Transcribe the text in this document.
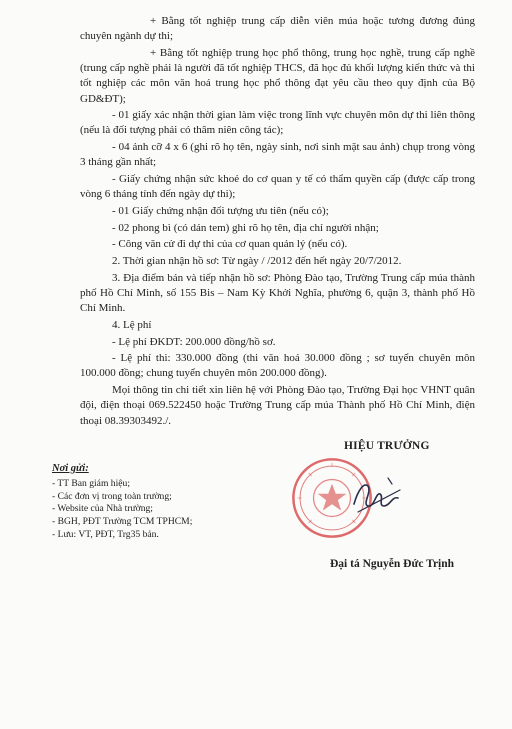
+ Bằng tốt nghiệp trung cấp diễn viên múa hoặc tương đương đúng chuyên ngành dự thi;

+ Bằng tốt nghiệp trung học phổ thông, trung học nghề, trung cấp nghề (trung cấp nghề phải là người đã tốt nghiệp THCS, đã học đủ khối lượng kiến thức và thi tốt nghiệp các môn văn hoá trung học phổ thông đạt yêu cầu theo quy định của Bộ GD&ĐT);

- 01 giấy xác nhận thời gian làm việc trong lĩnh vực chuyên môn dự thi liên thông (nếu là đối tượng phải có thâm niên công tác);

- 04 ảnh cỡ 4 x 6 (ghi rõ họ tên, ngày sinh, nơi sinh mặt sau ảnh) chụp trong vòng 3 tháng gần nhất;

- Giấy chứng nhận sức khoẻ do cơ quan y tế có thẩm quyền cấp (được cấp trong vòng 6 tháng tính đến ngày dự thi);

- 01 Giấy chứng nhận đối tượng ưu tiên (nếu có);

- 02 phong bì (có dán tem) ghi rõ họ tên, địa chỉ người nhận;

- Công văn cử đi dự thi của cơ quan quản lý (nếu có).

2. Thời gian nhận hồ sơ: Từ ngày / /2012 đến hết ngày 20/7/2012.

3. Địa điểm bán và tiếp nhận hồ sơ: Phòng Đào tạo, Trường Trung cấp múa thành phố Hồ Chí Minh, số 155 Bis – Nam Kỳ Khởi Nghĩa, phường 6, quận 3, thành phố Hồ Chí Minh.

4. Lệ phí

- Lệ phí ĐKDT: 200.000 đồng/hồ sơ.

- Lệ phí thi: 330.000 đồng (thi văn hoá 30.000 đồng ; sơ tuyển chuyên môn 100.000 đồng; chung tuyển chuyên môn 200.000 đồng).

Mọi thông tin chi tiết xin liên hệ với Phòng Đào tạo, Trường Đại học VHNT quân đội, điện thoại 069.522450 hoặc Trường Trung cấp múa Thành phố Hồ Chí Minh, điện thoại 08.39303492./.

Nơi gửi:
- TT Ban giám hiệu;
- Các đơn vị trong toàn trường;
- Website của Nhà trường;
- BGH, PĐT Trường TCM TPHCM;
- Lưu: VT, PĐT, Trg35 bản.
HIỆU TRƯỞNG
Đại tá Nguyễn Đức Trịnh
